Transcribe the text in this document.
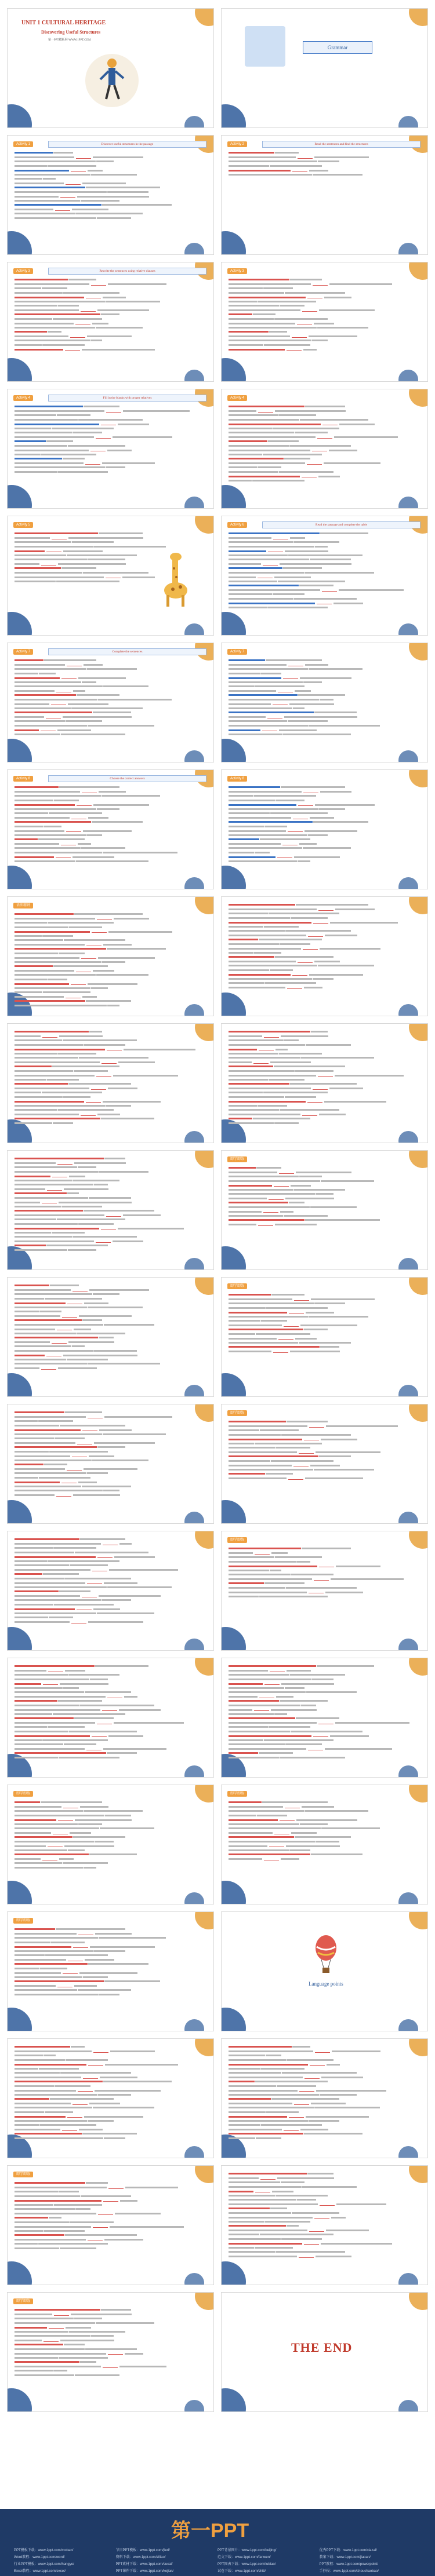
UNIT 1 CULTURAL HERITAGE
Discovering Useful Structures
第一PPT模板网-WWW.1PPT.COM
Grammar
Activity 1	Discover useful structures in the passage

	Activity 2	Read the sentences and find the structures

Activity 3	Rewrite the sentences using relative clauses

	Activity 3

Activity 4	Fill in the blanks with proper relatives

	Activity 4

Activity 5

	Activity 6	Read the passage and complete the table

Activity 7	Complete the sentences

	Activity 7

Activity 8	Choose the correct answers

	Activity 8

语法精讲

即学即练

即学即练

即学即练

即学即练

即学即练

	即学即练

即学即练

Language points

即学即练

即学即练

THE END
第一PPT
PPT模板下载：www.1ppt.com/moban/	节日PPT模板：www.1ppt.com/jieri/	PPT背景图片：www.1ppt.com/beijing/	优秀PPT下载：www.1ppt.com/xiazai/
Word教程：www.1ppt.com/word/	资料下载：www.1ppt.com/ziliao/	范文下载：www.1ppt.com/fanwen/	教案下载：www.1ppt.com/jiaoan/
行业PPT模板：www.1ppt.com/hangye/	PPT素材下载：www.1ppt.com/sucai/	PPT图表下载：www.1ppt.com/tubiao/	PPT教程：www.1ppt.com/powerpoint/
Excel教程：www.1ppt.com/excel/	PPT课件下载：www.1ppt.com/kejian/	试卷下载：www.1ppt.com/shiti/	手抄报：www.1ppt.com/shouchaobao/
